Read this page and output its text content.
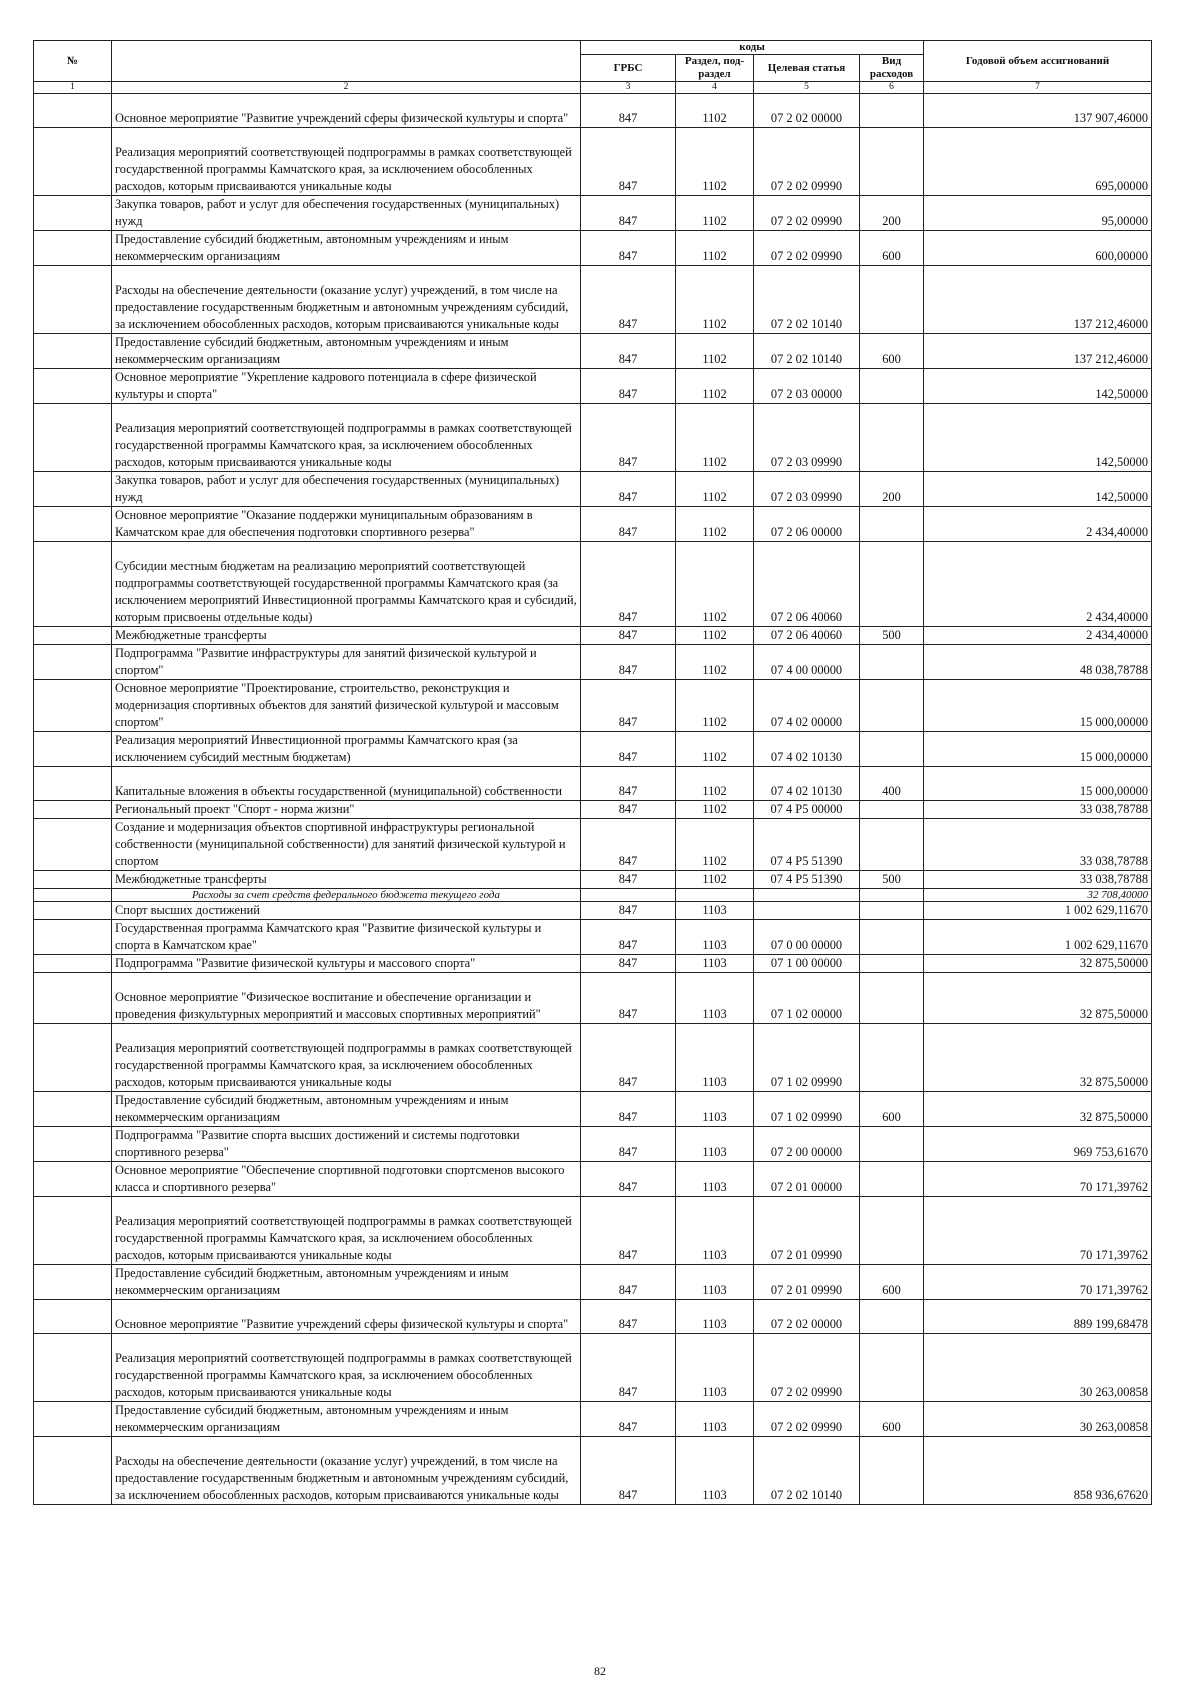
№		коды				Годовой объем ассигнований
		ГРБС	Раздел, под-раздел	Целевая статья	Вид расходов	
1	2	3	4	5	6	7
	Основное мероприятие "Развитие учреждений сферы физической культуры и спорта"	847	1102	07 2 02 00000		137 907,46000
	Реализация мероприятий соответствующей подпрограммы в рамках соответствующей государственной программы Камчатского края, за исключением обособленных расходов, которым присваиваются уникальные коды	847	1102	07 2 02 09990		695,00000
	Закупка товаров, работ и услуг для обеспечения государственных (муниципальных) нужд	847	1102	07 2 02 09990	200	95,00000
	Предоставление субсидий бюджетным, автономным учреждениям и иным некоммерческим организациям	847	1102	07 2 02 09990	600	600,00000
	Расходы на обеспечение деятельности (оказание услуг) учреждений, в том числе на предоставление государственным бюджетным и автономным учреждениям субсидий, за исключением обособленных расходов, которым присваиваются уникальные коды	847	1102	07 2 02 10140		137 212,46000
	Предоставление субсидий бюджетным, автономным учреждениям и иным некоммерческим организациям	847	1102	07 2 02 10140	600	137 212,46000
	Основное мероприятие "Укрепление кадрового потенциала в сфере физической культуры и спорта"	847	1102	07 2 03 00000		142,50000
	Реализация мероприятий соответствующей подпрограммы в рамках соответствующей государственной программы Камчатского края, за исключением обособленных расходов, которым присваиваются уникальные коды	847	1102	07 2 03 09990		142,50000
	Закупка товаров, работ и услуг для обеспечения государственных (муниципальных) нужд	847	1102	07 2 03 09990	200	142,50000
	Основное мероприятие "Оказание поддержки муниципальным образованиям в Камчатском крае для обеспечения подготовки спортивного резерва"	847	1102	07 2 06 00000		2 434,40000
	Субсидии местным бюджетам на реализацию мероприятий соответствующей подпрограммы соответствующей государственной программы Камчатского края (за исключением мероприятий Инвестиционной программы Камчатского края и субсидий, которым присвоены отдельные коды)	847	1102	07 2 06 40060		2 434,40000
	Межбюджетные трансферты	847	1102	07 2 06 40060	500	2 434,40000
	Подпрограмма "Развитие инфраструктуры для занятий физической культурой и спортом"	847	1102	07 4 00 00000		48 038,78788
	Основное мероприятие "Проектирование, строительство, реконструкция и модернизация спортивных объектов для занятий физической культурой и массовым спортом"	847	1102	07 4 02 00000		15 000,00000
	Реализация мероприятий Инвестиционной программы Камчатского края (за исключением субсидий местным бюджетам)	847	1102	07 4 02 10130		15 000,00000
	Капитальные вложения в объекты государственной (муниципальной) собственности	847	1102	07 4 02 10130	400	15 000,00000
	Региональный проект "Спорт - норма жизни"	847	1102	07 4 P5 00000		33 038,78788
	Создание и модернизация объектов спортивной инфраструктуры региональной собственности (муниципальной собственности) для занятий физической культурой и спортом	847	1102	07 4 P5 51390		33 038,78788
	Межбюджетные трансферты	847	1102	07 4 P5 51390	500	33 038,78788
	Расходы за счет средств федерального бюджета текущего года					32 708,40000
	Спорт высших достижений	847	1103			1 002 629,11670
	Государственная программа Камчатского края "Развитие физической культуры и спорта в Камчатском крае"	847	1103	07 0 00 00000		1 002 629,11670
	Подпрограмма "Развитие физической культуры и массового спорта"	847	1103	07 1 00 00000		32 875,50000
	Основное мероприятие "Физическое воспитание и обеспечение организации и проведения физкультурных мероприятий и массовых спортивных мероприятий"	847	1103	07 1 02 00000		32 875,50000
	Реализация мероприятий соответствующей подпрограммы в рамках соответствующей государственной программы Камчатского края, за исключением обособленных расходов, которым присваиваются уникальные коды	847	1103	07 1 02 09990		32 875,50000
	Предоставление субсидий бюджетным, автономным учреждениям и иным некоммерческим организациям	847	1103	07 1 02 09990	600	32 875,50000
	Подпрограмма "Развитие спорта высших достижений и системы подготовки спортивного резерва"	847	1103	07 2 00 00000		969 753,61670
	Основное мероприятие "Обеспечение спортивной подготовки спортсменов высокого класса и спортивного резерва"	847	1103	07 2 01 00000		70 171,39762
	Реализация мероприятий соответствующей подпрограммы в рамках соответствующей государственной программы Камчатского края, за исключением обособленных расходов, которым присваиваются уникальные коды	847	1103	07 2 01 09990		70 171,39762
	Предоставление субсидий бюджетным, автономным учреждениям и иным некоммерческим организациям	847	1103	07 2 01 09990	600	70 171,39762
	Основное мероприятие "Развитие учреждений сферы физической культуры и спорта"	847	1103	07 2 02 00000		889 199,68478
	Реализация мероприятий соответствующей подпрограммы в рамках соответствующей государственной программы Камчатского края, за исключением обособленных расходов, которым присваиваются уникальные коды	847	1103	07 2 02 09990		30 263,00858
	Предоставление субсидий бюджетным, автономным учреждениям и иным некоммерческим организациям	847	1103	07 2 02 09990	600	30 263,00858
	Расходы на обеспечение деятельности (оказание услуг) учреждений, в том числе на предоставление государственным бюджетным и автономным учреждениям субсидий, за исключением обособленных расходов, которым присваиваются уникальные коды	847	1103	07 2 02 10140		858 936,67620
82
